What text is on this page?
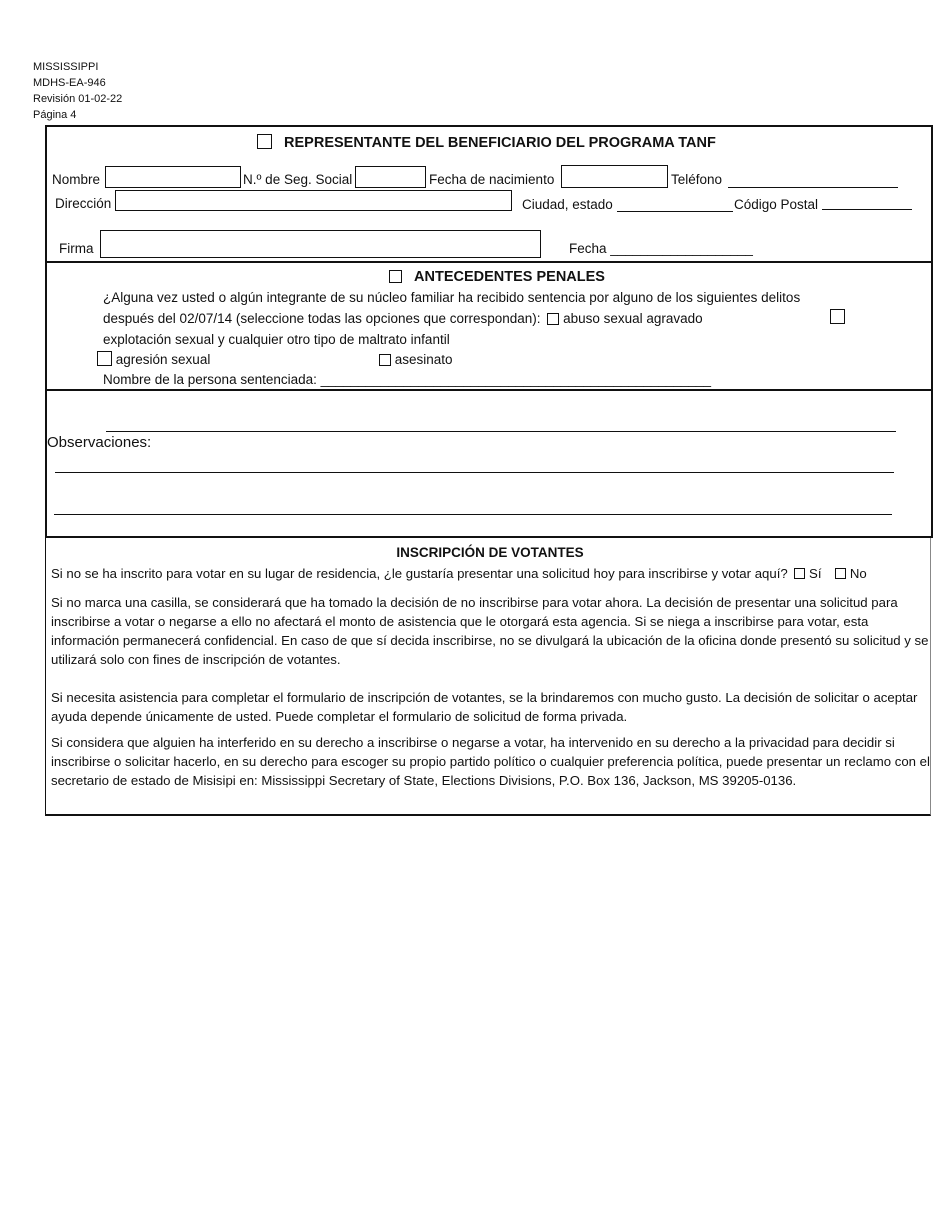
MISSISSIPPI
MDHS-EA-946
Revisión 01-02-22
Página 4
REPRESENTANTE DEL BENEFICIARIO DEL PROGRAMA TANF
Nombre	N.º de Seg. Social	Fecha de nacimiento	Teléfono
Dirección	Ciudad, estado	Código Postal
Firma	Fecha ___________________
ANTECEDENTES PENALES
¿Alguna vez usted o algún integrante de su núcleo familiar ha recibido sentencia por alguno de los siguientes delitos
después del 02/07/14 (seleccione todas las opciones que correspondan): abuso sexual agravado
explotación sexual y cualquier otro tipo de maltrato infantil
agresión sexual	asesinato
Nombre de la persona sentenciada: ____________________________________________________
Observaciones:
INSCRIPCIÓN DE VOTANTES
Si no se ha inscrito para votar en su lugar de residencia, ¿le gustaría presentar una solicitud hoy para inscribirse y votar aquí? Sí No
Si no marca una casilla, se considerará que ha tomado la decisión de no inscribirse para votar ahora. La decisión de presentar una solicitud para inscribirse a votar o negarse a ello no afectará el monto de asistencia que le otorgará esta agencia. Si se niega a inscribirse para votar, esta información permanecerá confidencial. En caso de que sí decida inscribirse, no se divulgará la ubicación de la oficina donde presentó su solicitud y se utilizará solo con fines de inscripción de votantes.
Si necesita asistencia para completar el formulario de inscripción de votantes, se la brindaremos con mucho gusto. La decisión de solicitar o aceptar ayuda depende únicamente de usted. Puede completar el formulario de solicitud de forma privada.
Si considera que alguien ha interferido en su derecho a inscribirse o negarse a votar, ha intervenido en su derecho a la privacidad para decidir si inscribirse o solicitar hacerlo, en su derecho para escoger su propio partido político o cualquier preferencia política, puede presentar un reclamo con el secretario de estado de Misisipi en: Mississippi Secretary of State, Elections Divisions, P.O. Box 136, Jackson, MS 39205-0136.
